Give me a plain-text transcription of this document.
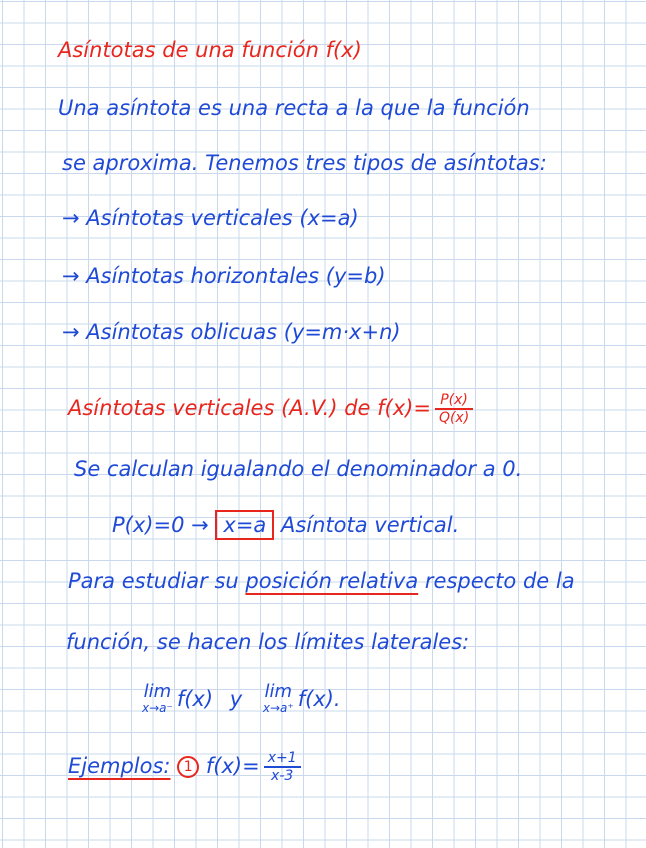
Asíntotas de una función f(x)
Una asíntota es una recta a la que la función
se aproxima. Tenemos tres tipos de asíntotas:
→ Asíntotas verticales (x=a)
→ Asíntotas horizontales (y=b)
→ Asíntotas oblicuas (y=m·x+n)
Asíntotas verticales (A.V.) de $f(x)= \frac{P(x)}{Q(x)}$
Se calculan igualando el denominador a 0.
P(x)=0 → x=a Asíntota vertical.
Para estudiar su posición relativa respecto de la
función, se hacen los límites laterales:
lim
x→a⁻ f(x) y lim
x→a⁺ f(x).
Ejemplos: 1 $f(x)= \frac{x+1}{x-3}$
